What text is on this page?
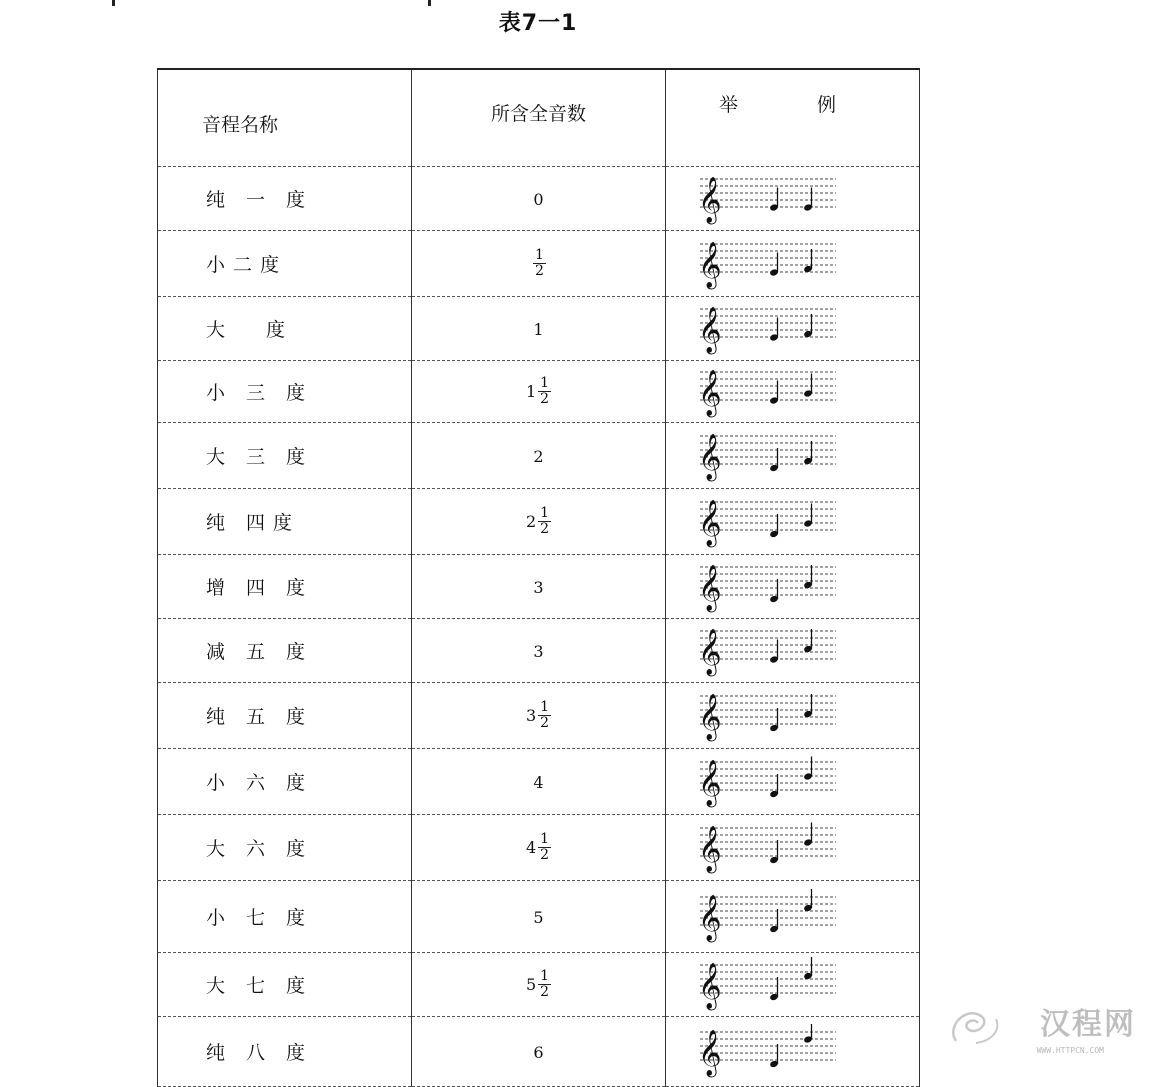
表7一1
音程名称	所含全音数	举　例
纯　一　度	0	𝄞

小 二 度	$\frac{1}{2}$	𝄞

大　　度	1	𝄞

小　三　度	$1 \frac{1}{2}$	𝄞

大　三　度	2	𝄞

纯　四 度	$2 \frac{1}{2}$	𝄞

增　四　度	3	𝄞

减　五　度	3	𝄞

纯　五　度	$3 \frac{1}{2}$	𝄞

小　六　度	4	𝄞

大　六　度	$4 \frac{1}{2}$	𝄞

小　七　度	5	𝄞

大　七　度	$5 \frac{1}{2}$	𝄞

纯　八　度	6	𝄞
汉程网
WWW.HTTPCN.COM
